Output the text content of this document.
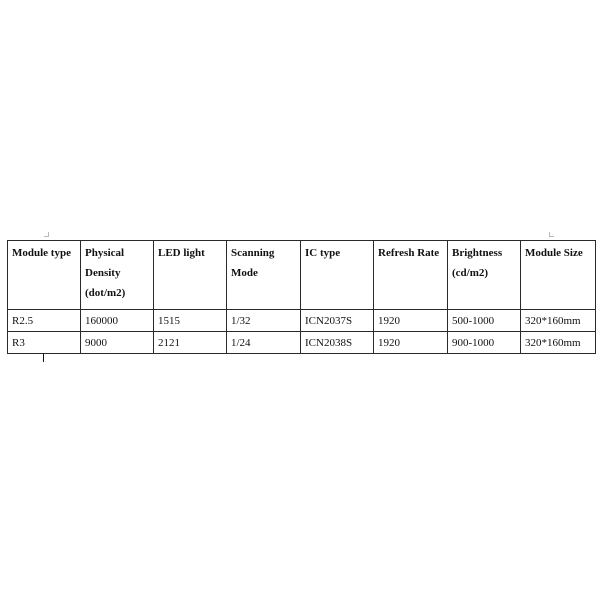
Module type	Physical Density (dot/m2)	LED light	Scanning Mode	IC type	Refresh Rate	Brightness (cd/m2)	Module Size
R2.5	160000	1515	1/32	ICN2037S	1920	500-1000	320*160mm
R3	9000	2121	1/24	ICN2038S	1920	900-1000	320*160mm
